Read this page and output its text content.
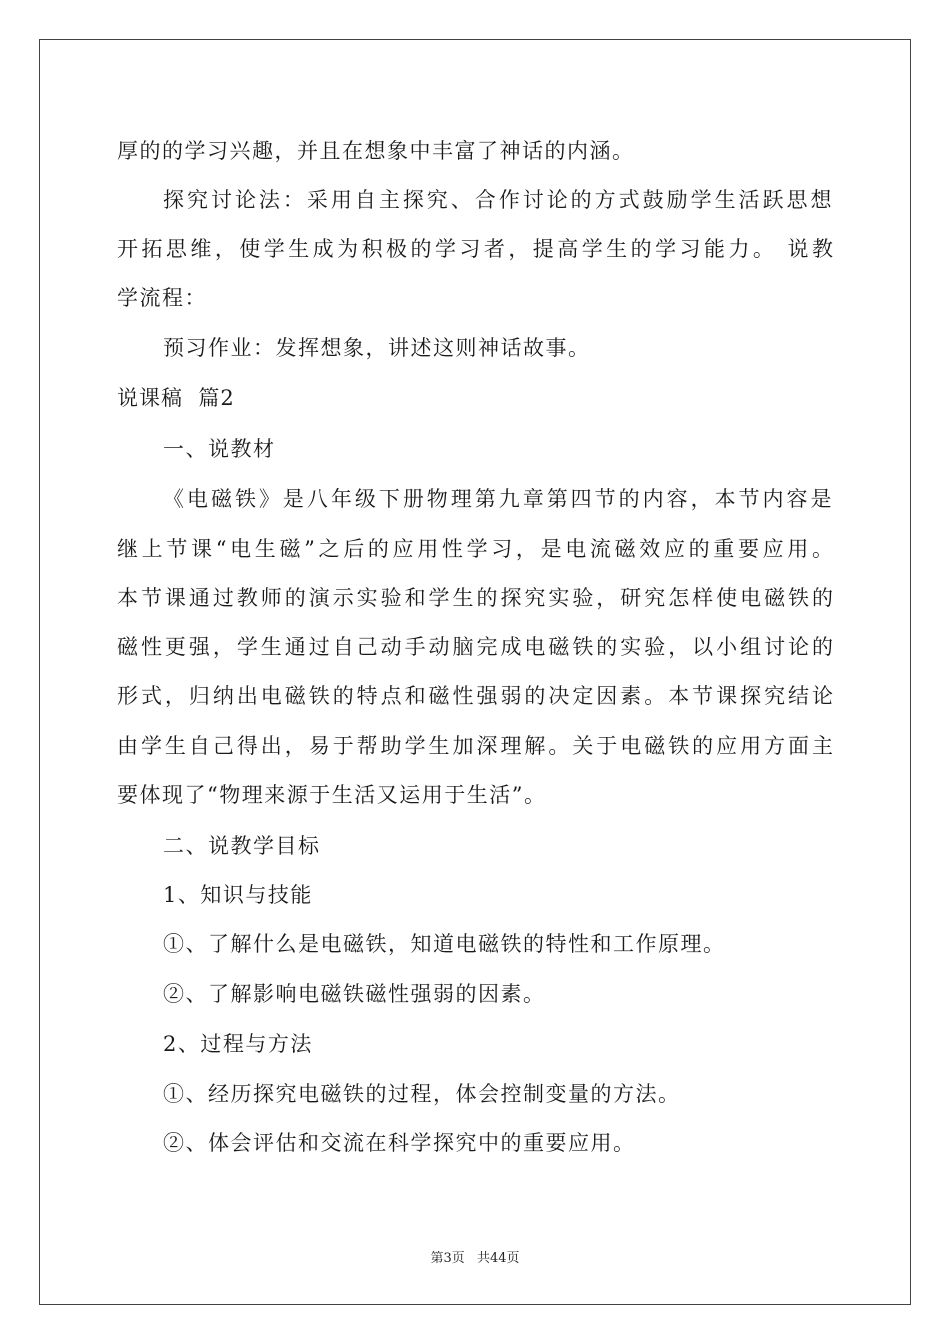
厚的的学习兴趣，并且在想象中丰富了神话的内涵。
探究讨论法：采用自主探究、合作讨论的方式鼓励学生活跃思想
开拓思维，使学生成为积极的学习者，提高学生的学习能力。 说教
学流程：
预习作业：发挥想象，讲述这则神话故事。
说课稿  篇2
一、说教材
《电磁铁》是八年级下册物理第九章第四节的内容，本节内容是
继上节课“电生磁”之后的应用性学习，是电流磁效应的重要应用。
本节课通过教师的演示实验和学生的探究实验，研究怎样使电磁铁的
磁性更强，学生通过自己动手动脑完成电磁铁的实验，以小组讨论的
形式，归纳出电磁铁的特点和磁性强弱的决定因素。本节课探究结论
由学生自己得出，易于帮助学生加深理解。关于电磁铁的应用方面主
要体现了“物理来源于生活又运用于生活”。
二、说教学目标
1、知识与技能
①、了解什么是电磁铁，知道电磁铁的特性和工作原理。
②、了解影响电磁铁磁性强弱的因素。
2、过程与方法
①、经历探究电磁铁的过程，体会控制变量的方法。
②、体会评估和交流在科学探究中的重要应用。
第3页 共44页
